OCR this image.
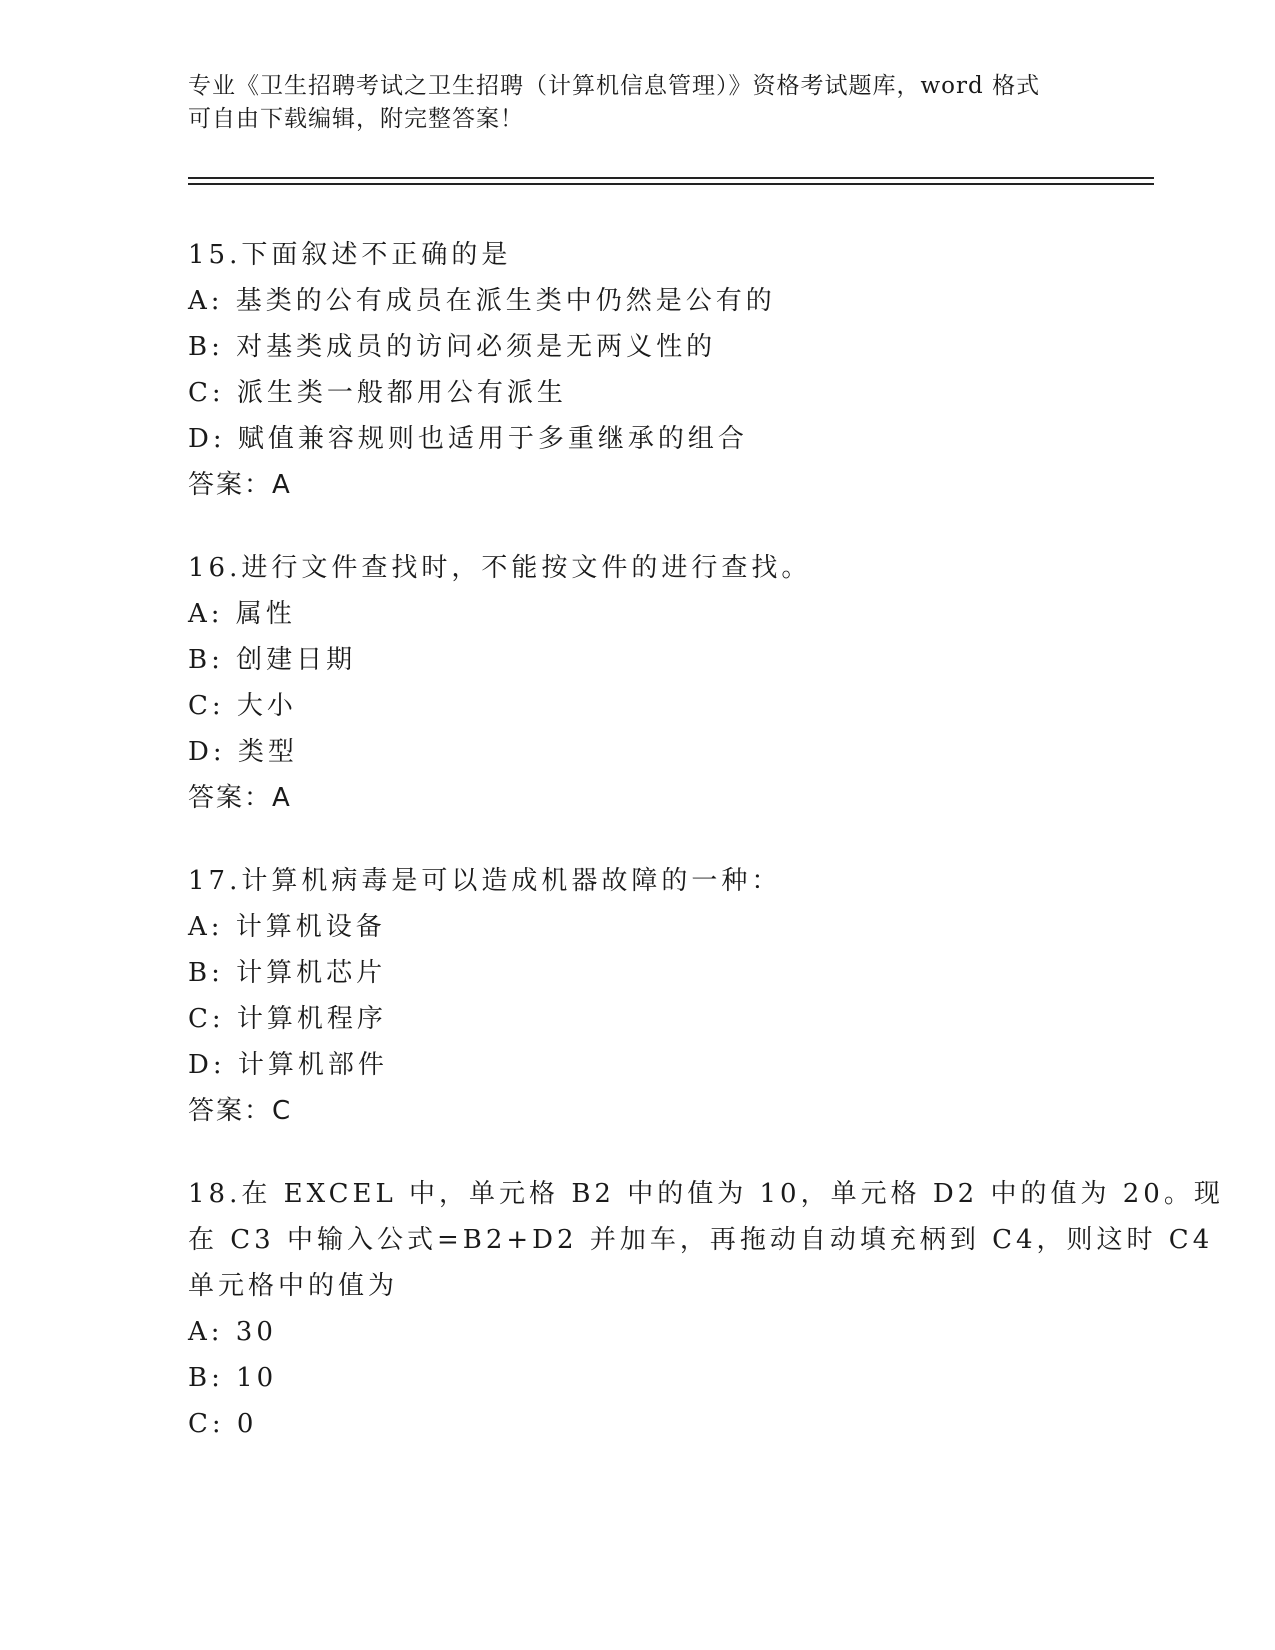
专业《卫生招聘考试之卫生招聘（计算机信息管理）》资格考试题库，word 格式
可自由下载编辑，附完整答案！
15.下面叙述不正确的是
A: 基类的公有成员在派生类中仍然是公有的
B: 对基类成员的访问必须是无两义性的
C: 派生类一般都用公有派生
D: 赋值兼容规则也适用于多重继承的组合
答案：A
16.进行文件查找时，不能按文件的进行查找。
A: 属性
B: 创建日期
C: 大小
D: 类型
答案：A
17.计算机病毒是可以造成机器故障的一种：
A: 计算机设备
B: 计算机芯片
C: 计算机程序
D: 计算机部件
答案：C
18.在 EXCEL 中，单元格 B2 中的值为 10，单元格 D2 中的值为 20。现
在 C3 中输入公式=B2+D2 并加车，再拖动自动填充柄到 C4，则这时 C4
单元格中的值为
A: 30
B: 10
C: 0
